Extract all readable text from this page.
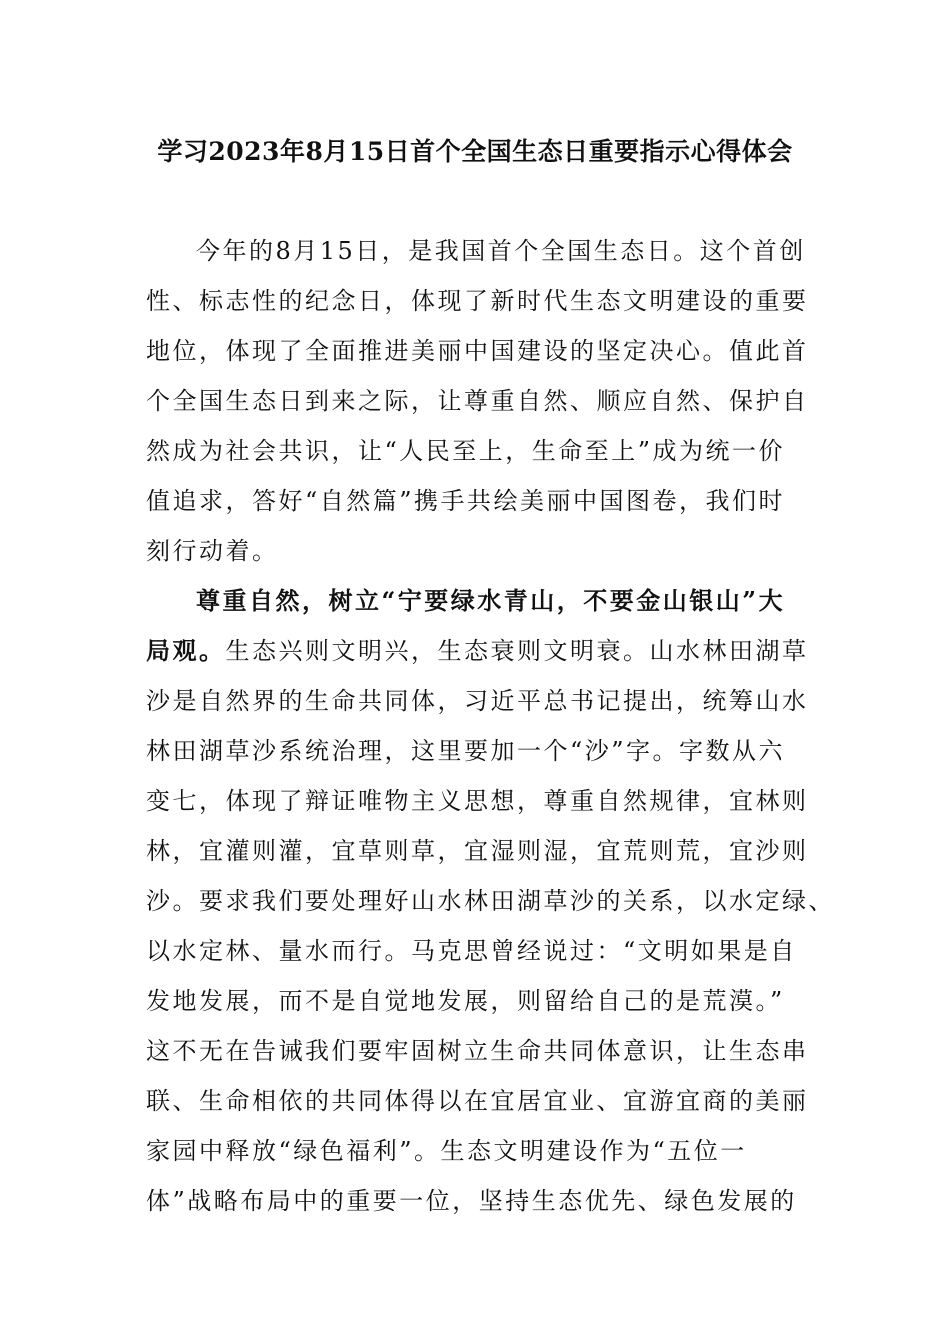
学习2023年8月15日首个全国生态日重要指示心得体会
今年的8月15日，是我国首个全国生态日。这个首创
性、标志性的纪念日，体现了新时代生态文明建设的重要
地位，体现了全面推进美丽中国建设的坚定决心。值此首
个全国生态日到来之际，让尊重自然、顺应自然、保护自
然成为社会共识，让“人民至上，生命至上”成为统一价
值追求，答好“自然篇”携手共绘美丽中国图卷，我们时
刻行动着。
尊重自然，树立“宁要绿水青山，不要金山银山”大
局观。生态兴则文明兴，生态衰则文明衰。山水林田湖草
沙是自然界的生命共同体，习近平总书记提出，统筹山水
林田湖草沙系统治理，这里要加一个“沙”字。字数从六
变七，体现了辩证唯物主义思想，尊重自然规律，宜林则
林，宜灌则灌，宜草则草，宜湿则湿，宜荒则荒，宜沙则
沙。要求我们要处理好山水林田湖草沙的关系，以水定绿、
以水定林、量水而行。马克思曾经说过：“文明如果是自
发地发展，而不是自觉地发展，则留给自己的是荒漠。”
这不无在告诫我们要牢固树立生命共同体意识，让生态串
联、生命相依的共同体得以在宜居宜业、宜游宜商的美丽
家园中释放“绿色福利”。生态文明建设作为“五位一
体”战略布局中的重要一位，坚持生态优先、绿色发展的
